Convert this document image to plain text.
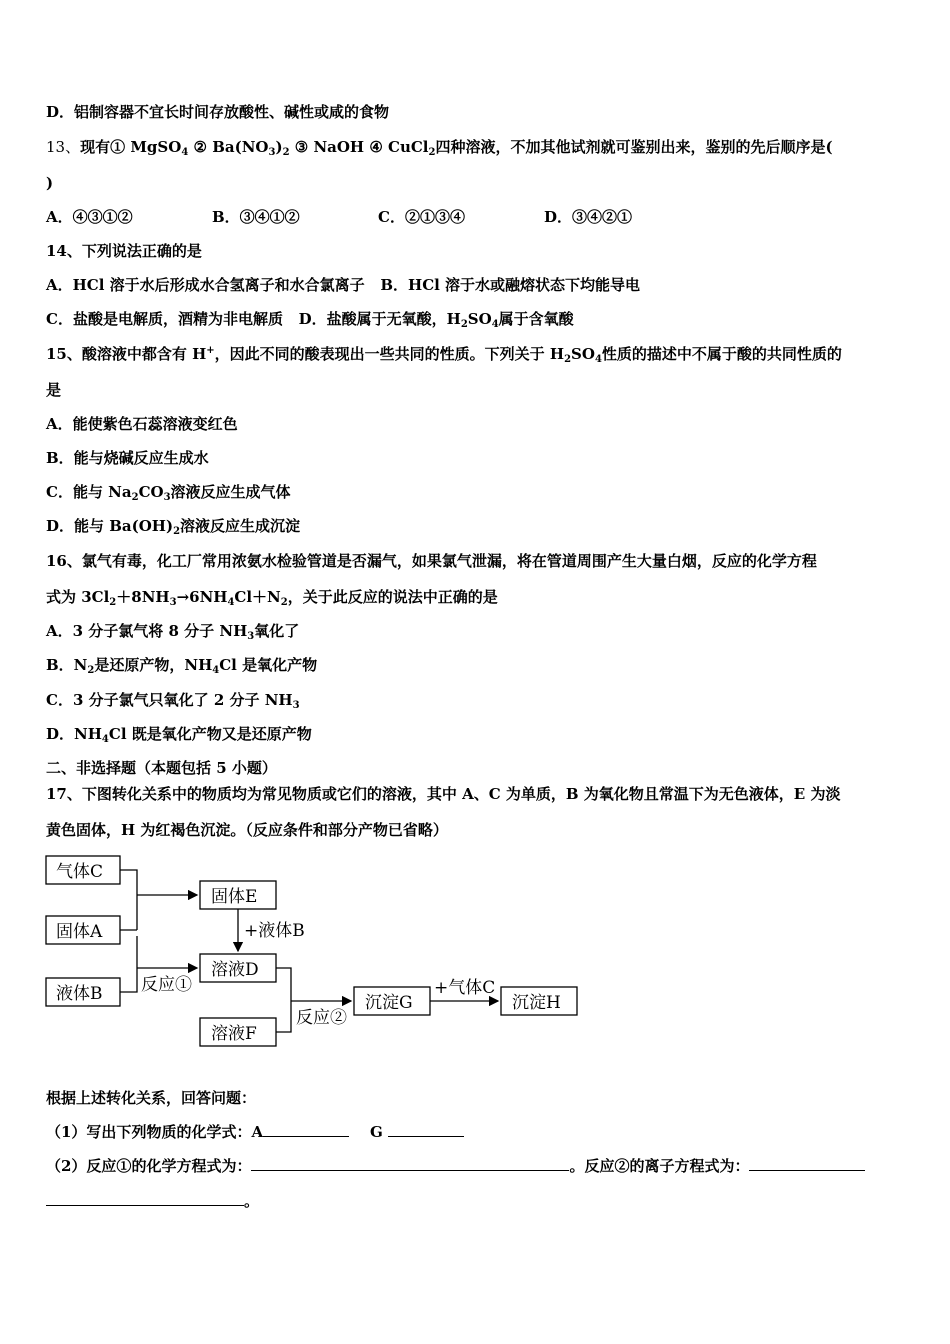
D．铝制容器不宜长时间存放酸性、碱性或咸的食物
13、现有① MgSO$_4$ ② $Ba(NO_3)_2$ ③ NaOH ④ CuCl$_2$四种溶液，不加其他试剂就可鉴别出来，鉴别的先后顺序是(
)
A．④③①②	B．③④①②	C．②①③④	D．③④②①
14、下列说法正确的是
A．HCl 溶于水后形成水合氢离子和水合氯离子 B．HCl 溶于水或融熔状态下均能导电
C．盐酸是电解质，酒精为非电解质 D．盐酸属于无氧酸，$H_2SO_4$属于含氧酸
15、酸溶液中都含有 H+，因此不同的酸表现出一些共同的性质。下列关于 $H_2SO_4$性质的描述中不属于酸的共同性质的
是
A．能使紫色石蕊溶液变红色
B．能与烧碱反应生成水
C．能与 $Na_2CO_3$溶液反应生成气体
D．能与 $Ba(OH)_2$溶液反应生成沉淀
16、氯气有毒，化工厂常用浓氨水检验管道是否漏气，如果氯气泄漏，将在管道周围产生大量白烟，反应的化学方程
式为 $3Cl_2+8NH_3\to 6NH_4Cl+N_2$，关于此反应的说法中正确的是
A．3 分子氯气将 8 分子 $NH_3$氧化了
B．$N_2$是还原产物，$NH_4Cl$ 是氧化产物
C．3 分子氯气只氧化了 2 分子 $NH_3$
D．$NH_4Cl$ 既是氧化产物又是还原产物
二、非选择题（本题包括 5 小题）
17、下图转化关系中的物质均为常见物质或它们的溶液，其中 A、C 为单质，B 为氧化物且常温下为无色液体，E 为淡
黄色固体，H 为红褐色沉淀。（反应条件和部分产物已省略）
气体C
固体A
液体B
固体E
+液体B
溶液D
反应①
溶液F
反应②
沉淀G
+气体C
沉淀H
根据上述转化关系，回答问题：
（1）写出下列物质的化学式：A	G
（2）反应①的化学方程式为：	。反应②的离子方程式为：
。
